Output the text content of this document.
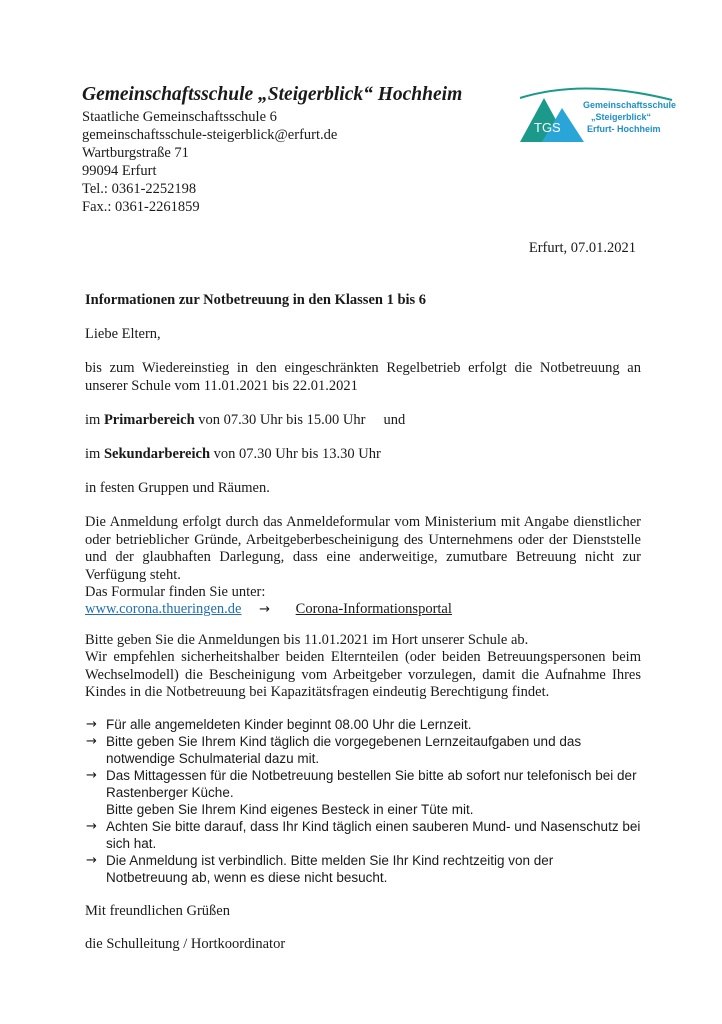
Gemeinschaftsschule „Steigerblick“ Hochheim
Staatliche Gemeinschaftsschule 6
gemeinschaftsschule-steigerblick@erfurt.de
Wartburgstraße 71
99094 Erfurt
Tel.: 0361-2252198
Fax.: 0361-2261859
TGS
Gemeinschaftsschule
„Steigerblick“
Erfurt- Hochheim
Erfurt, 07.01.2021
Informationen zur Notbetreuung in den Klassen 1 bis 6
Liebe Eltern,
bis zum Wiedereinstieg in den eingeschränkten Regelbetrieb erfolgt die Notbetreuung an unserer Schule vom 11.01.2021 bis 22.01.2021
im Primarbereich von 07.30 Uhr bis 15.00 Uhr und
im Sekundarbereich von 07.30 Uhr bis 13.30 Uhr
in festen Gruppen und Räumen.
Die Anmeldung erfolgt durch das Anmeldeformular vom Ministerium mit Angabe dienstlicher oder betrieblicher Gründe, Arbeitgeberbescheinigung des Unternehmens oder der Dienststelle und der glaubhaften Darlegung, dass eine anderweitige, zumutbare Betreuung nicht zur Verfügung steht.
Das Formular finden Sie unter:
www.corona.thueringen.de → Corona-Informationsportal
Bitte geben Sie die Anmeldungen bis 11.01.2021 im Hort unserer Schule ab.
Wir empfehlen sicherheitshalber beiden Elternteilen (oder beiden Betreuungspersonen beim Wechselmodell) die Bescheinigung vom Arbeitgeber vorzulegen, damit die Aufnahme Ihres Kindes in die Notbetreuung bei Kapazitätsfragen eindeutig Berechtigung findet.
→ Für alle angemeldeten Kinder beginnt 08.00 Uhr die Lernzeit.
→ Bitte geben Sie Ihrem Kind täglich die vorgegebenen Lernzeitaufgaben und das
notwendige Schulmaterial dazu mit.
→ Das Mittagessen für die Notbetreuung bestellen Sie bitte ab sofort nur telefonisch bei der
Rastenberger Küche.
Bitte geben Sie Ihrem Kind eigenes Besteck in einer Tüte mit.
→ Achten Sie bitte darauf, dass Ihr Kind täglich einen sauberen Mund- und Nasenschutz bei
sich hat.
→ Die Anmeldung ist verbindlich. Bitte melden Sie Ihr Kind rechtzeitig von der
Notbetreuung ab, wenn es diese nicht besucht.
Mit freundlichen Grüßen
die Schulleitung / Hortkoordinator
